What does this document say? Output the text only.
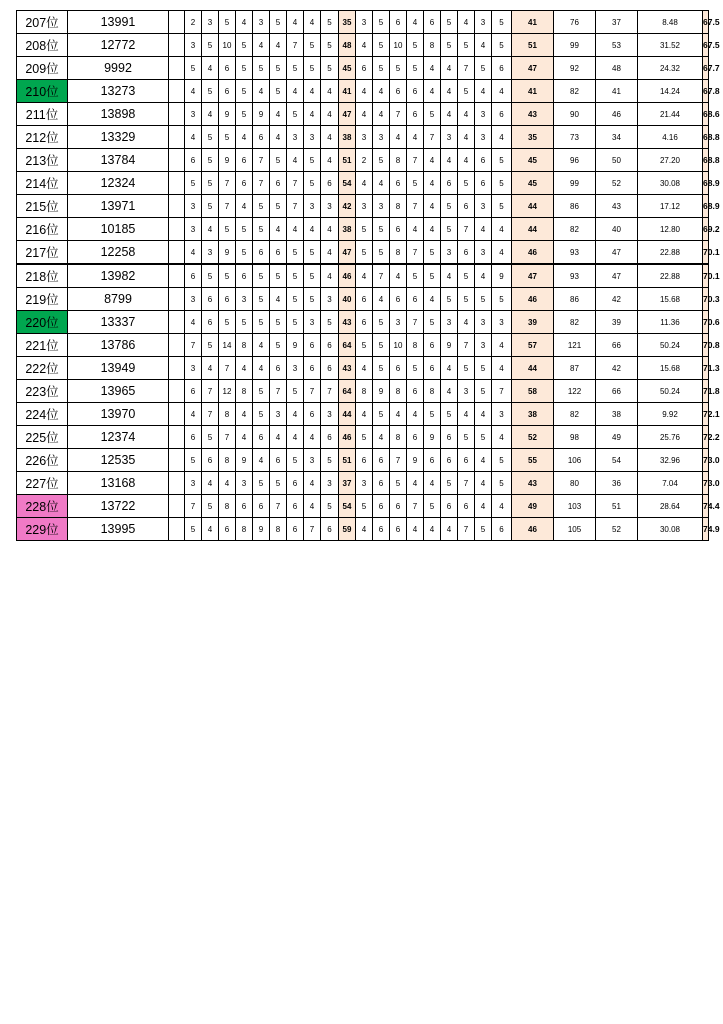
207位	13991		2	3	5	4	3	5	4	4	5	35	3	5	6	4	6	5	4	3	5	41	76	37	8.48	67.5
208位	12772		3	5	10	5	4	4	7	5	5	48	4	5	10	5	8	5	5	4	5	51	99	53	31.52	67.5
209位	9992		5	4	6	5	5	5	5	5	5	45	6	5	5	5	4	4	7	5	6	47	92	48	24.32	67.7
210位	13273		4	5	6	5	4	5	4	4	4	41	4	4	6	6	4	4	5	4	4	41	82	41	14.24	67.8
211位	13898		3	4	9	5	9	4	5	4	4	47	4	4	7	6	5	4	4	3	6	43	90	46	21.44	68.6
212位	13329		4	5	5	4	6	4	3	3	4	38	3	3	4	4	7	3	4	3	4	35	73	34	4.16	68.8
213位	13784		6	5	9	6	7	5	4	5	4	51	2	5	8	7	4	4	4	6	5	45	96	50	27.20	68.8
214位	12324		5	5	7	6	7	6	7	5	6	54	4	4	6	5	4	6	5	6	5	45	99	52	30.08	68.9
215位	13971		3	5	7	4	5	5	7	3	3	42	3	3	8	7	4	5	6	3	5	44	86	43	17.12	68.9
216位	10185		3	4	5	5	5	4	4	4	4	38	5	5	6	4	4	5	7	4	4	44	82	40	12.80	69.2
217位	12258		4	3	9	5	6	6	5	5	4	47	5	5	8	7	5	3	6	3	4	46	93	47	22.88	70.1
218位	13982		6	5	5	6	5	5	5	5	4	46	4	7	4	5	5	4	5	4	9	47	93	47	22.88	70.1
219位	8799		3	6	6	3	5	4	5	5	3	40	6	4	6	6	4	5	5	5	5	46	86	42	15.68	70.3
220位	13337		4	6	5	5	5	5	5	3	5	43	6	5	3	7	5	3	4	3	3	39	82	39	11.36	70.6
221位	13786		7	5	14	8	4	5	9	6	6	64	5	5	10	8	6	9	7	3	4	57	121	66	50.24	70.8
222位	13949		3	4	7	4	4	6	3	6	6	43	4	5	6	5	6	4	5	5	4	44	87	42	15.68	71.3
223位	13965		6	7	12	8	5	7	5	7	7	64	8	9	8	6	8	4	3	5	7	58	122	66	50.24	71.8
224位	13970		4	7	8	4	5	3	4	6	3	44	4	5	4	4	5	5	4	4	3	38	82	38	9.92	72.1
225位	12374		6	5	7	4	6	4	4	4	6	46	5	4	8	6	9	6	5	5	4	52	98	49	25.76	72.2
226位	12535		5	6	8	9	4	6	5	3	5	51	6	6	7	9	6	6	6	4	5	55	106	54	32.96	73.0
227位	13168		3	4	4	3	5	5	6	4	3	37	3	6	5	4	4	5	7	4	5	43	80	36	7.04	73.0
228位	13722		7	5	8	6	6	7	6	4	5	54	5	6	6	7	5	6	6	4	4	49	103	51	28.64	74.4
229位	13995		5	4	6	8	9	8	6	7	6	59	4	6	6	4	4	4	7	5	6	46	105	52	30.08	74.9
